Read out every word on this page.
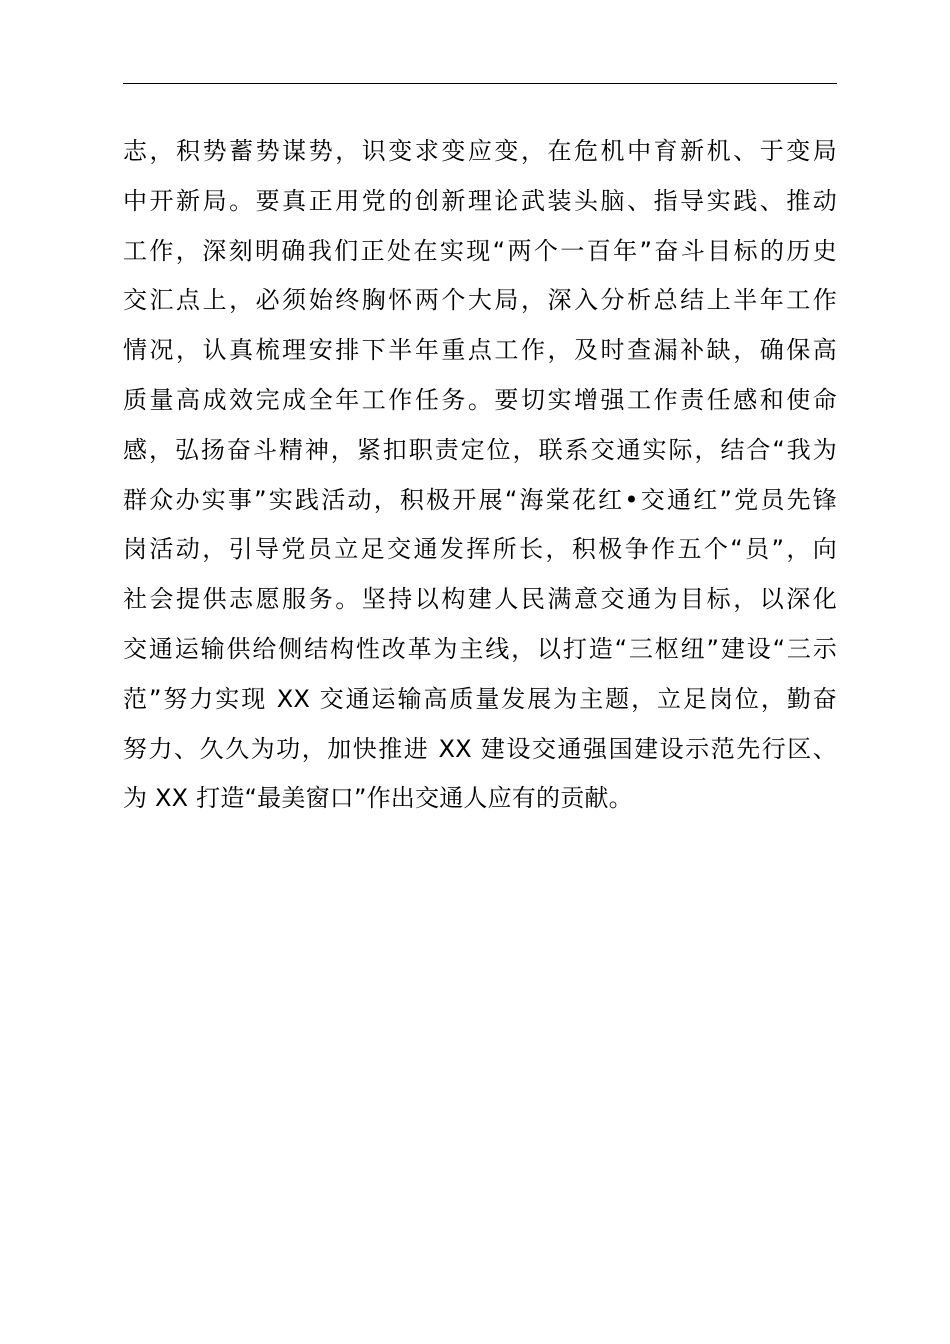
志，积势蓄势谋势，识变求变应变，在危机中育新机、于变局
中开新局。要真正用党的创新理论武装头脑、指导实践、推动
工作，深刻明确我们正处在实现“两个一百年”奋斗目标的历史
交汇点上，必须始终胸怀两个大局，深入分析总结上半年工作
情况，认真梳理安排下半年重点工作，及时查漏补缺，确保高
质量高成效完成全年工作任务。要切实增强工作责任感和使命
感，弘扬奋斗精神，紧扣职责定位，联系交通实际，结合“我为
群众办实事”实践活动，积极开展“海棠花红•交通红”党员先锋
岗活动，引导党员立足交通发挥所长，积极争作五个“员”，向
社会提供志愿服务。坚持以构建人民满意交通为目标，以深化
交通运输供给侧结构性改革为主线，以打造“三枢纽”建设“三示
范”努力实现 XX 交通运输高质量发展为主题，立足岗位，勤奋
努力、久久为功，加快推进 XX 建设交通强国建设示范先行区、
为 XX 打造“最美窗口”作出交通人应有的贡献。
